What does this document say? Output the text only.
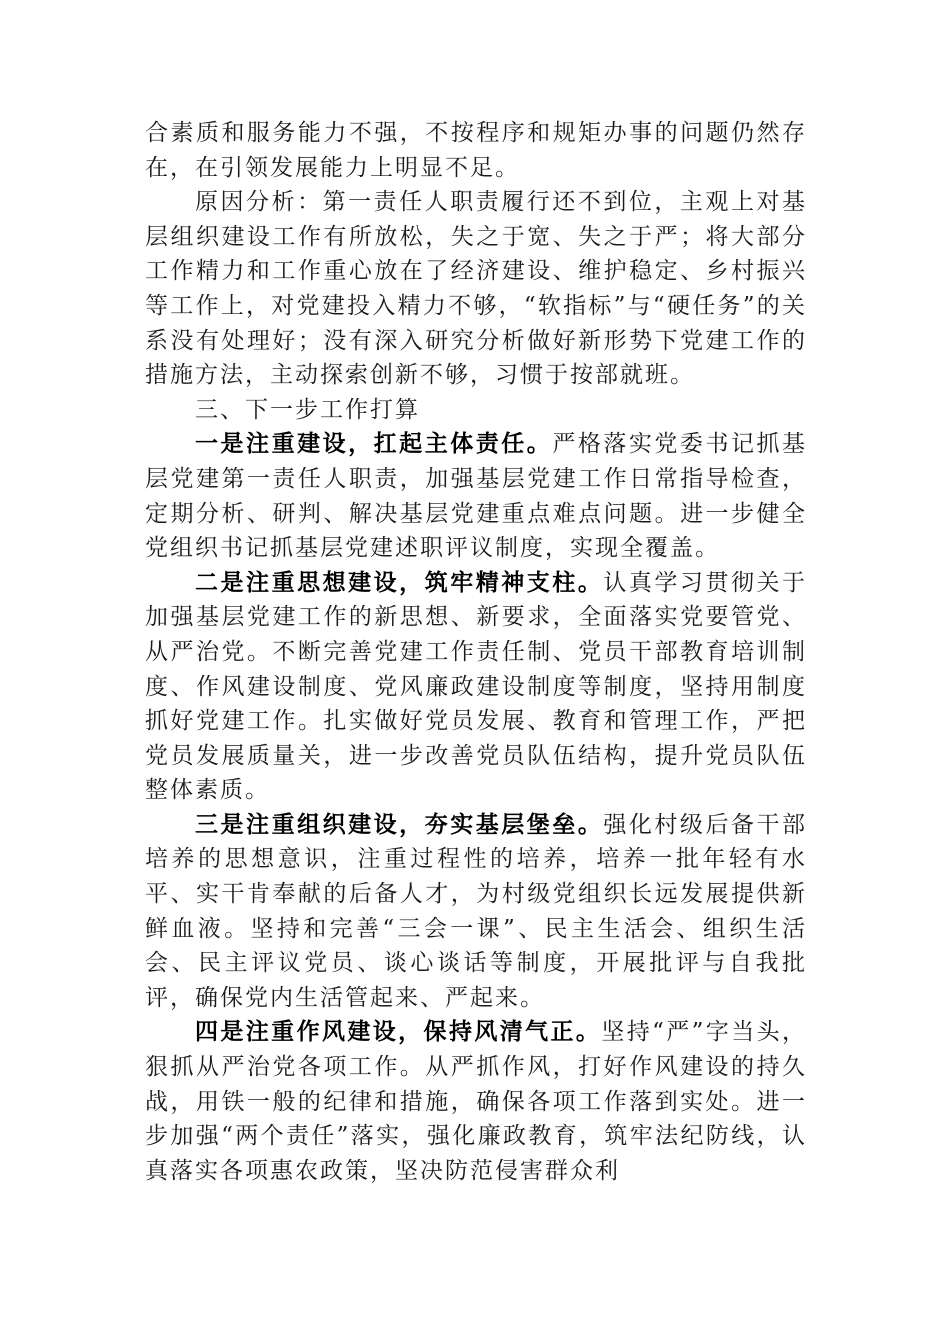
合素质和服务能力不强，不按程序和规矩办事的问题仍然存在，在引领发展能力上明显不足。

原因分析：第一责任人职责履行还不到位，主观上对基层组织建设工作有所放松，失之于宽、失之于严；将大部分工作精力和工作重心放在了经济建设、维护稳定、乡村振兴等工作上，对党建投入精力不够，“软指标”与“硬任务”的关系没有处理好；没有深入研究分析做好新形势下党建工作的措施方法，主动探索创新不够，习惯于按部就班。

三、下一步工作打算

一是注重建设，扛起主体责任。严格落实党委书记抓基层党建第一责任人职责，加强基层党建工作日常指导检查，定期分析、研判、解决基层党建重点难点问题。进一步健全党组织书记抓基层党建述职评议制度，实现全覆盖。

二是注重思想建设，筑牢精神支柱。认真学习贯彻关于加强基层党建工作的新思想、新要求，全面落实党要管党、从严治党。不断完善党建工作责任制、党员干部教育培训制度、作风建设制度、党风廉政建设制度等制度，坚持用制度抓好党建工作。扎实做好党员发展、教育和管理工作，严把党员发展质量关，进一步改善党员队伍结构，提升党员队伍整体素质。

三是注重组织建设，夯实基层堡垒。强化村级后备干部培养的思想意识，注重过程性的培养，培养一批年轻有水平、实干肯奉献的后备人才，为村级党组织长远发展提供新鲜血液。坚持和完善“三会一课”、民主生活会、组织生活会、民主评议党员、谈心谈话等制度，开展批评与自我批评，确保党内生活管起来、严起来。

四是注重作风建设，保持风清气正。坚持“严”字当头，狠抓从严治党各项工作。从严抓作风，打好作风建设的持久战，用铁一般的纪律和措施，确保各项工作落到实处。进一步加强“两个责任”落实，强化廉政教育，筑牢法纪防线，认真落实各项惠农政策，坚决防范侵害群众利
